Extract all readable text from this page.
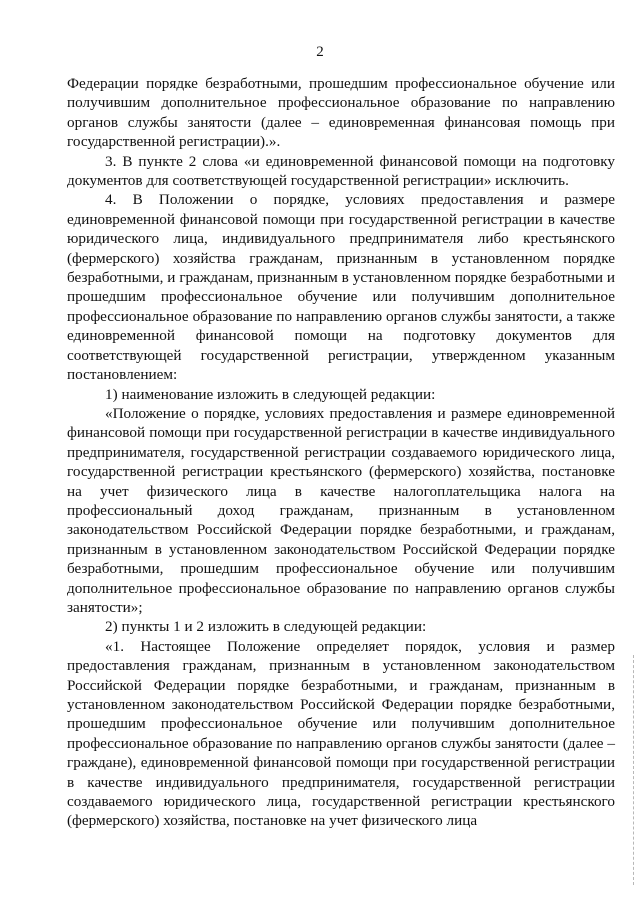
2

Федерации порядке безработными, прошедшим профессиональное обучение или получившим дополнительное профессиональное образование по направлению органов службы занятости (далее – единовременная финансовая помощь при государственной регистрации).».

3. В пункте 2 слова «и единовременной финансовой помощи на подготовку документов для соответствующей государственной регистрации» исключить.

4. В Положении о порядке, условиях предоставления и размере единовременной финансовой помощи при государственной регистрации в качестве юридического лица, индивидуального предпринимателя либо крестьянского (фермерского) хозяйства гражданам, признанным в установленном порядке безработными, и гражданам, признанным в установленном порядке безработными и прошедшим профессиональное обучение или получившим дополнительное профессиональное образование по направлению органов службы занятости, а также единовременной финансовой помощи на подготовку документов для соответствующей государственной регистрации, утвержденном указанным постановлением:

1) наименование изложить в следующей редакции:

«Положение о порядке, условиях предоставления и размере единовременной финансовой помощи при государственной регистрации в качестве индивидуального предпринимателя, государственной регистрации создаваемого юридического лица, государственной регистрации крестьянского (фермерского) хозяйства, постановке на учет физического лица в качестве налогоплательщика налога на профессиональный доход гражданам, признанным в установленном законодательством Российской Федерации порядке безработными, и гражданам, признанным в установленном законодательством Российской Федерации порядке безработными, прошедшим профессиональное обучение или получившим дополнительное профессиональное образование по направлению органов службы занятости»;

2) пункты 1 и 2 изложить в следующей редакции:

«1. Настоящее Положение определяет порядок, условия и размер предоставления гражданам, признанным в установленном законодательством Российской Федерации порядке безработными, и гражданам, признанным в установленном законодательством Российской Федерации порядке безработными, прошедшим профессиональное обучение или получившим дополнительное профессиональное образование по направлению органов службы занятости (далее – граждане), единовременной финансовой помощи при государственной регистрации в качестве индивидуального предпринимателя, государственной регистрации создаваемого юридического лица, государственной регистрации крестьянского (фермерского) хозяйства, постановке на учет физического лица
